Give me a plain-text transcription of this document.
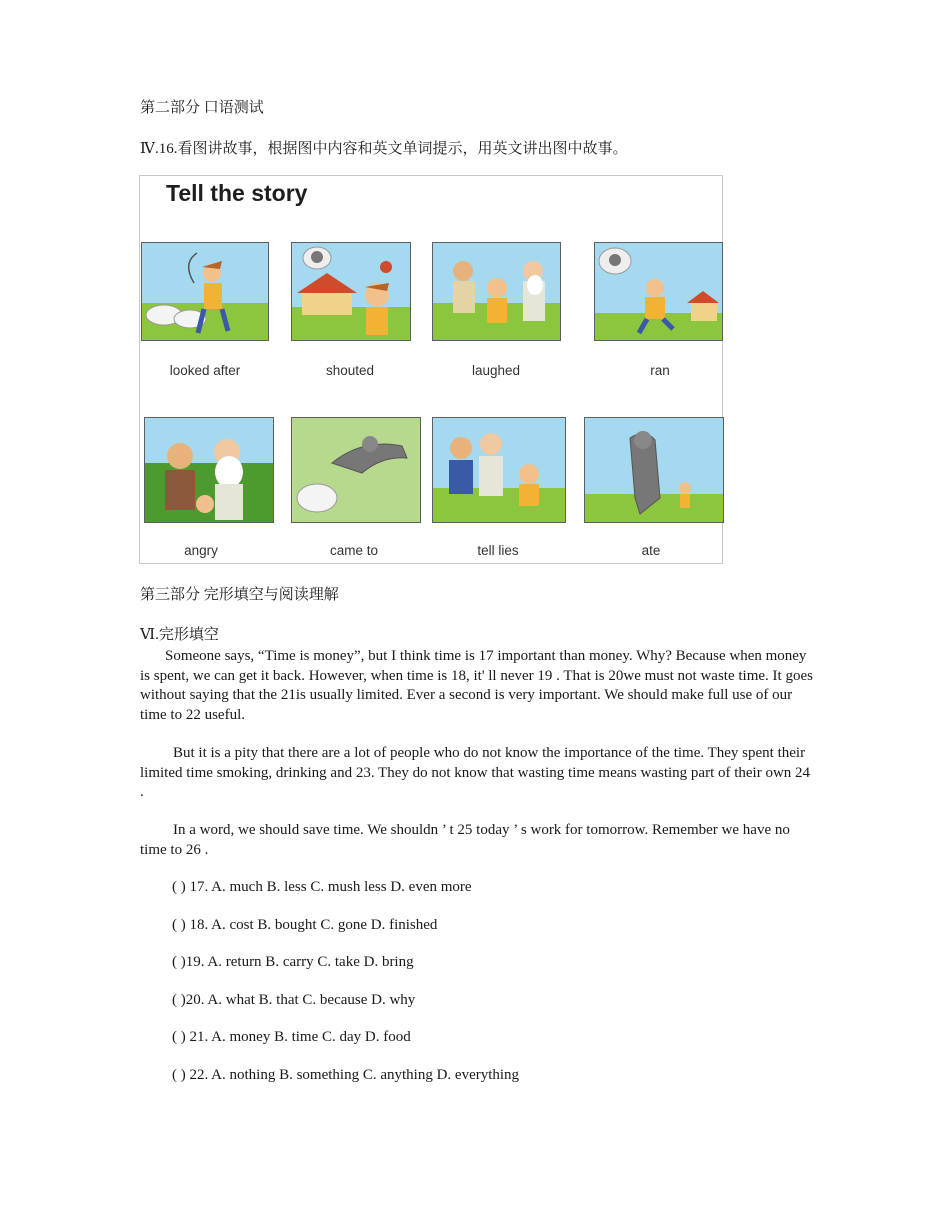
第二部分 口语测试
Ⅳ.16.看图讲故事，根据图中内容和英文单词提示，用英文讲出图中故事。
Tell the story
looked after	shouted	laughed	ran
angry	came to	tell lies	ate
第三部分 完形填空与阅读理解
Ⅵ.完形填空
Someone says, “Time is money”, but I think time is 17 important than money. Why? Because when money is spent, we can get it back. However, when time is 18, it' ll never 19 . That is 20we must not waste time. It goes without saying that the 21is usually limited. Ever a second is very important. We should make full use of our time to 22 useful.
But it is a pity that there are a lot of people who do not know the importance of the time. They spent their limited time smoking, drinking and 23. They do not know that wasting time means wasting part of their own 24 .
In a word, we should save time. We shouldn ’ t 25 today ’ s work for tomorrow. Remember we have no time to 26 .
( ) 17. A. much B. less C. mush less D. even more
( ) 18. A. cost B. bought C. gone D. finished
( )19. A. return B. carry C. take D. bring
( )20. A. what B. that C. because D. why
( ) 21. A. money B. time C. day D. food
( ) 22. A. nothing B. something C. anything D. everything
